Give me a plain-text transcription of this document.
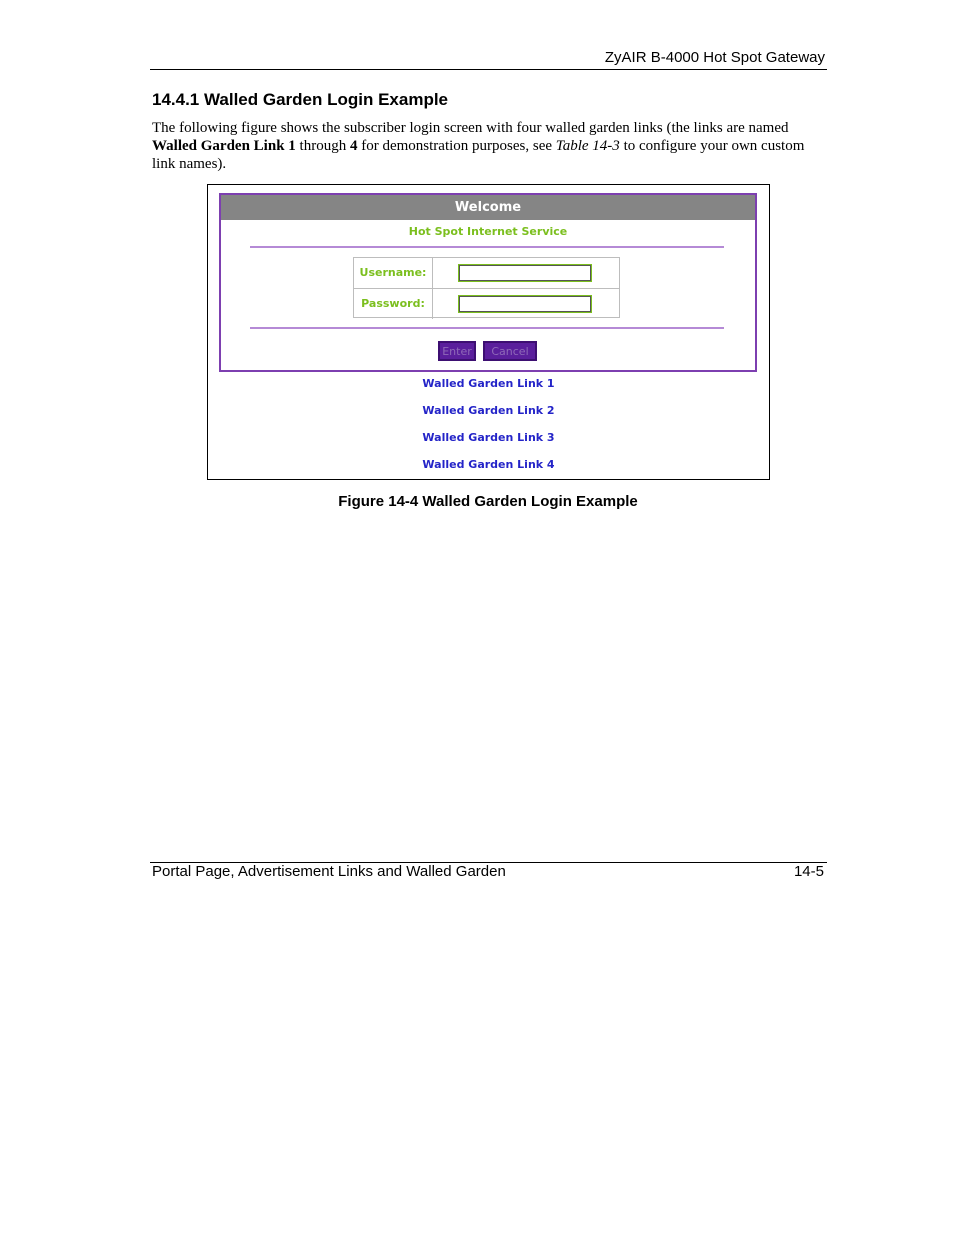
ZyAIR B-4000 Hot Spot Gateway
14.4.1 Walled Garden Login Example
The following figure shows the subscriber login screen with four walled garden links (the links are named Walled Garden Link 1 through 4 for demonstration purposes, see Table 14-3 to configure your own custom link names).
Welcome
Hot Spot Internet Service
Username:
Password:
Enter	Cancel
Walled Garden Link 1
Walled Garden Link 2
Walled Garden Link 3
Walled Garden Link 4
Figure 14-4 Walled Garden Login Example
Portal Page, Advertisement Links and Walled Garden	14-5
